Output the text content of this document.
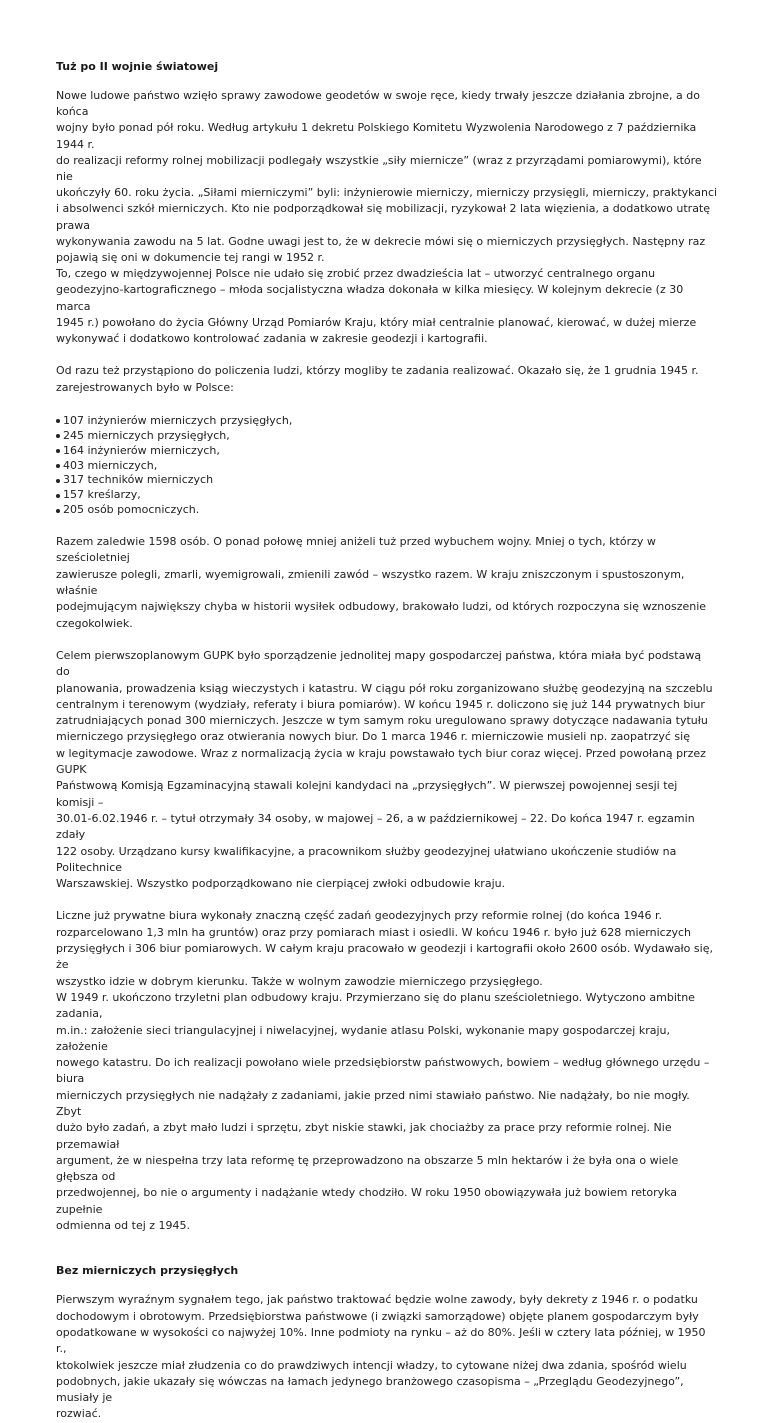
Tuż po II wojnie światowej

Nowe ludowe państwo wzięło sprawy zawodowe geodetów w swoje ręce, kiedy trwały jeszcze działania zbrojne, a do końca
wojny było ponad pół roku. Według artykułu 1 dekretu Polskiego Komitetu Wyzwolenia Narodowego z 7 października 1944 r.
do realizacji reformy rolnej mobilizacji podlegały wszystkie „siły miernicze” (wraz z przyrządami pomiarowymi), które nie
ukończyły 60. roku życia. „Siłami mierniczymi” byli: inżynierowie mierniczy, mierniczy przysięgli, mierniczy, praktykanci
i absolwenci szkół mierniczych. Kto nie podporządkował się mobilizacji, ryzykował 2 lata więzienia, a dodatkowo utratę prawa
wykonywania zawodu na 5 lat. Godne uwagi jest to, że w dekrecie mówi się o mierniczych przysięgłych. Następny raz
pojawią się oni w dokumencie tej rangi w 1952 r.
To, czego w międzywojennej Polsce nie udało się zrobić przez dwadzieścia lat – utworzyć centralnego organu
geodezyjno-kartograficznego – młoda socjalistyczna władza dokonała w kilka miesięcy. W kolejnym dekrecie (z 30 marca
1945 r.) powołano do życia Główny Urząd Pomiarów Kraju, który miał centralnie planować, kierować, w dużej mierze
wykonywać i dodatkowo kontrolować zadania w zakresie geodezji i kartografii.

Od razu też przystąpiono do policzenia ludzi, którzy mogliby te zadania realizować. Okazało się, że 1 grudnia 1945 r.
zarejestrowanych było w Polsce:

107 inżynierów mierniczych przysięgłych,
245 mierniczych przysięgłych,
164 inżynierów mierniczych,
403 mierniczych,
317 techników mierniczych
157 kreślarzy,
205 osób pomocniczych.

Razem zaledwie 1598 osób. O ponad połowę mniej aniżeli tuż przed wybuchem wojny. Mniej o tych, którzy w sześcioletniej
zawierusze polegli, zmarli, wyemigrowali, zmienili zawód – wszystko razem. W kraju zniszczonym i spustoszonym, właśnie
podejmującym największy chyba w historii wysiłek odbudowy, brakowało ludzi, od których rozpoczyna się wznoszenie
czegokolwiek.

Celem pierwszoplanowym GUPK było sporządzenie jednolitej mapy gospodarczej państwa, która miała być podstawą do
planowania, prowadzenia ksiąg wieczystych i katastru. W ciągu pół roku zorganizowano służbę geodezyjną na szczeblu
centralnym i terenowym (wydziały, referaty i biura pomiarów). W końcu 1945 r. doliczono się już 144 prywatnych biur
zatrudniających ponad 300 mierniczych. Jeszcze w tym samym roku uregulowano sprawy dotyczące nadawania tytułu
mierniczego przysięgłego oraz otwierania nowych biur. Do 1 marca 1946 r. mierniczowie musieli np. zaopatrzyć się
w legitymacje zawodowe. Wraz z normalizacją życia w kraju powstawało tych biur coraz więcej. Przed powołaną przez GUPK
Państwową Komisją Egzaminacyjną stawali kolejni kandydaci na „przysięgłych”. W pierwszej powojennej sesji tej komisji –
30.01-6.02.1946 r. – tytuł otrzymały 34 osoby, w majowej – 26, a w październikowej – 22. Do końca 1947 r. egzamin zdały
122 osoby. Urządzano kursy kwalifikacyjne, a pracownikom służby geodezyjnej ułatwiano ukończenie studiów na Politechnice
Warszawskiej. Wszystko podporządkowano nie cierpiącej zwłoki odbudowie kraju.

Liczne już prywatne biura wykonały znaczną część zadań geodezyjnych przy reformie rolnej (do końca 1946 r.
rozparcelowano 1,3 mln ha gruntów) oraz przy pomiarach miast i osiedli. W końcu 1946 r. było już 628 mierniczych
przysięgłych i 306 biur pomiarowych. W całym kraju pracowało w geodezji i kartografii około 2600 osób. Wydawało się, że
wszystko idzie w dobrym kierunku. Także w wolnym zawodzie mierniczego przysięgłego.
W 1949 r. ukończono trzyletni plan odbudowy kraju. Przymierzano się do planu sześcioletniego. Wytyczono ambitne zadania,
m.in.: założenie sieci triangulacyjnej i niwelacyjnej, wydanie atlasu Polski, wykonanie mapy gospodarczej kraju, założenie
nowego katastru. Do ich realizacji powołano wiele przedsiębiorstw państwowych, bowiem – według głównego urzędu – biura
mierniczych przysięgłych nie nadążały z zadaniami, jakie przed nimi stawiało państwo. Nie nadążały, bo nie mogły. Zbyt
dużo było zadań, a zbyt mało ludzi i sprzętu, zbyt niskie stawki, jak chociażby za prace przy reformie rolnej. Nie przemawiał
argument, że w niespełna trzy lata reformę tę przeprowadzono na obszarze 5 mln hektarów i że była ona o wiele głębsza od
przedwojennej, bo nie o argumenty i nadążanie wtedy chodziło. W roku 1950 obowiązywała już bowiem retoryka zupełnie
odmienna od tej z 1945.

Bez mierniczych przysięgłych

Pierwszym wyraźnym sygnałem tego, jak państwo traktować będzie wolne zawody, były dekrety z 1946 r. o podatku
dochodowym i obrotowym. Przedsiębiorstwa państwowe (i związki samorządowe) objęte planem gospodarczym były
opodatkowane w wysokości co najwyżej 10%. Inne podmioty na rynku – aż do 80%. Jeśli w cztery lata później, w 1950 r.,
ktokolwiek jeszcze miał złudzenia co do prawdziwych intencji władzy, to cytowane niżej dwa zdania, spośród wielu
podobnych, jakie ukazały się wówczas na łamach jedynego branżowego czasopisma – „Przeglądu Geodezyjnego”, musiały je
rozwiać.
